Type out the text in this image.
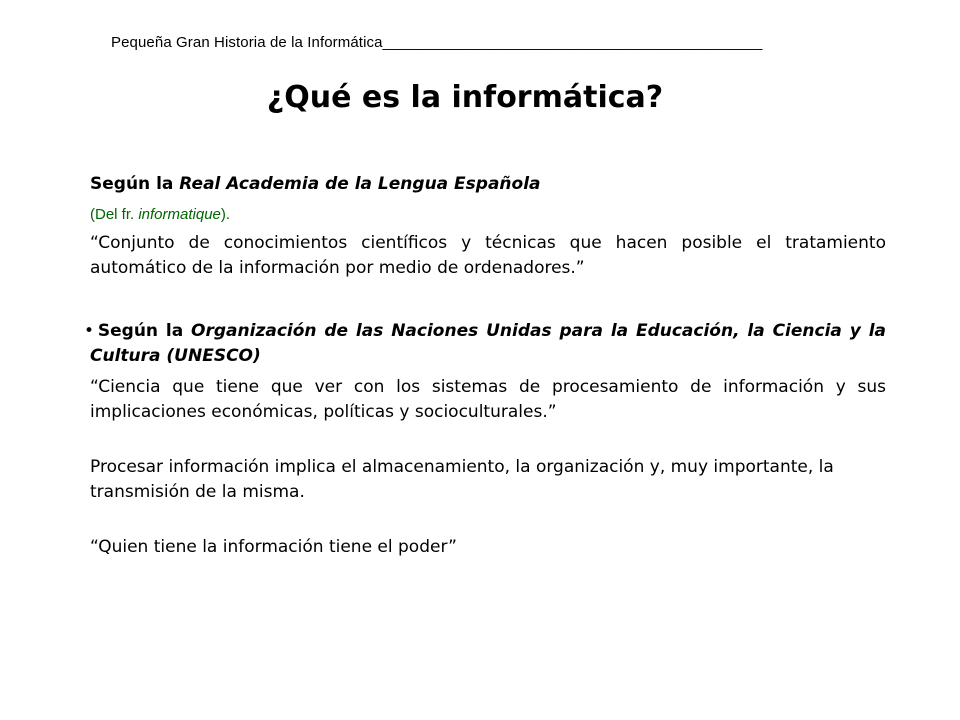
Pequeña Gran Historia de la Informática_____________________________________________
¿Qué es la informática?

Según la Real Academia de la Lengua Española

(Del fr. informatique).

“Conjunto de conocimientos científicos y técnicas que hacen posible el tratamiento automático de la información por medio de ordenadores.”

• Según la Organización de las Naciones Unidas para la Educación, la Ciencia y la Cultura (UNESCO)

“Ciencia que tiene que ver con los sistemas de procesamiento de información y sus implicaciones económicas, políticas y socioculturales.”

Procesar información implica el almacenamiento, la organización y, muy importante, la transmisión de la misma.

“Quien tiene la información tiene el poder”
